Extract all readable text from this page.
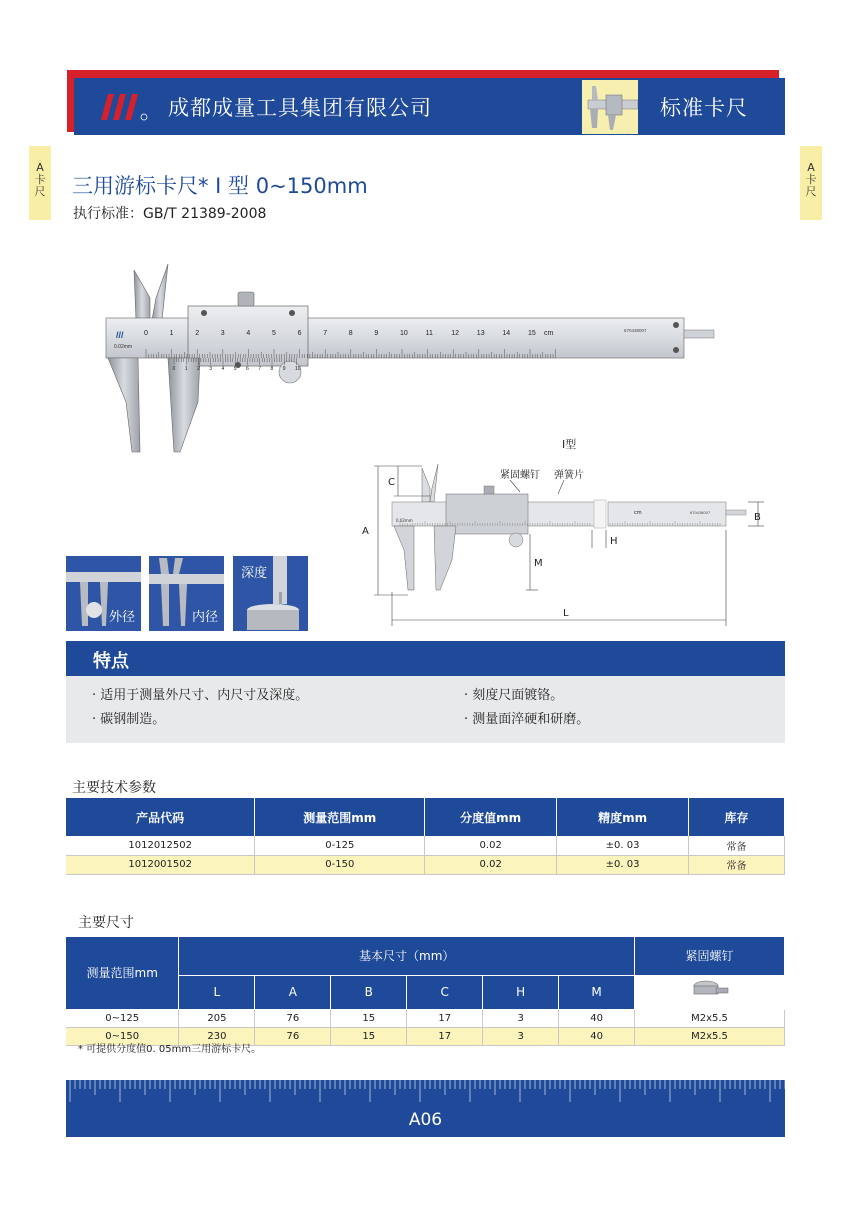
成都成量工具集团有限公司	标准卡尺
A
卡
尺
A
卡
尺
三用游标卡尺* I 型 0~150mm
执行标准：GB/T 21389-2008
///
0.02mm
670438007
cm
0	1	2	3	4	5	6	7	8	9	10	11	12	13	14	15
0 1 2 3 4 5 6 7 8 9 10
I型
紧固螺钉 弹簧片
0.02mm
cm	670438007
A
C
M
H
B
L
外径	内径
深度
特点
· 适用于测量外尺寸、内尺寸及深度。
· 碳钢制造。
· 刻度尺面镀铬。
· 测量面淬硬和研磨。
主要技术参数
产品代码	测量范围mm	分度值mm	精度mm	库存
1012012502	0-125	0.02	±0. 03	常备
1012001502	0-150	0.02	±0. 03	常备
主要尺寸
测量范围mm	基本尺寸（mm）						紧固螺钉
	L	A	B	C	H	M	
0~125	205	76	15	17	3	40	M2x5.5
0~150	230	76	15	17	3	40	M2x5.5
* 可提供分度值0. 05mm三用游标卡尺。
A06
